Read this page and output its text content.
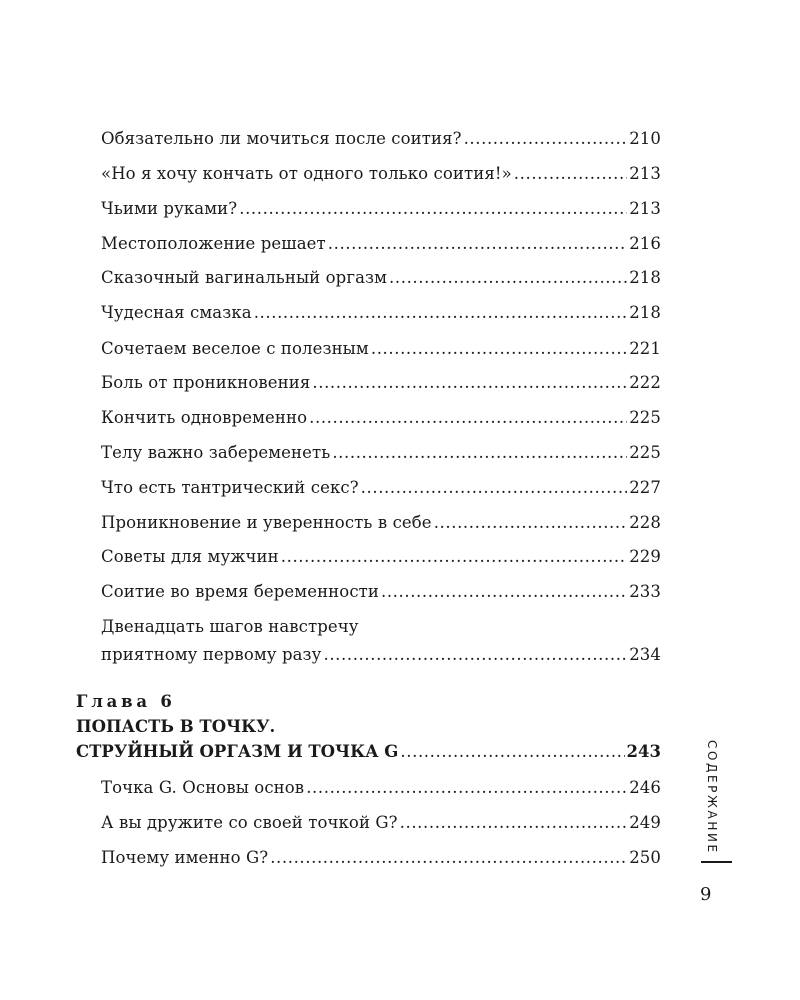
Обязательно ли мочиться после соития? .....	210
«Но я хочу кончать от одного только соития!» .....	213
Чьими руками? .....	213
Местоположение решает .....	216
Сказочный вагинальный оргазм .....	218
Чудесная смазка .....	218
Сочетаем веселое с полезным .....	221
Боль от проникновения .....	222
Кончить одновременно .....	225
Телу важно забеременеть .....	225
Что есть тантрический секс? .....	227
Проникновение и уверенность в себе .....	228
Советы для мужчин .....	229
Соитие во время беременности .....	233
Двенадцать шагов навстречу
приятному первому разу .....	234
Глава 6
ПОПАСТЬ В ТОЧКУ.
СТРУЙНЫЙ ОРГАЗМ И ТОЧКА G .....	243
Точка G. Основы основ .....	246
А вы дружите со своей точкой G? .....	249
Почему именно G? .....	250
СОДЕРЖАНИЕ
9
